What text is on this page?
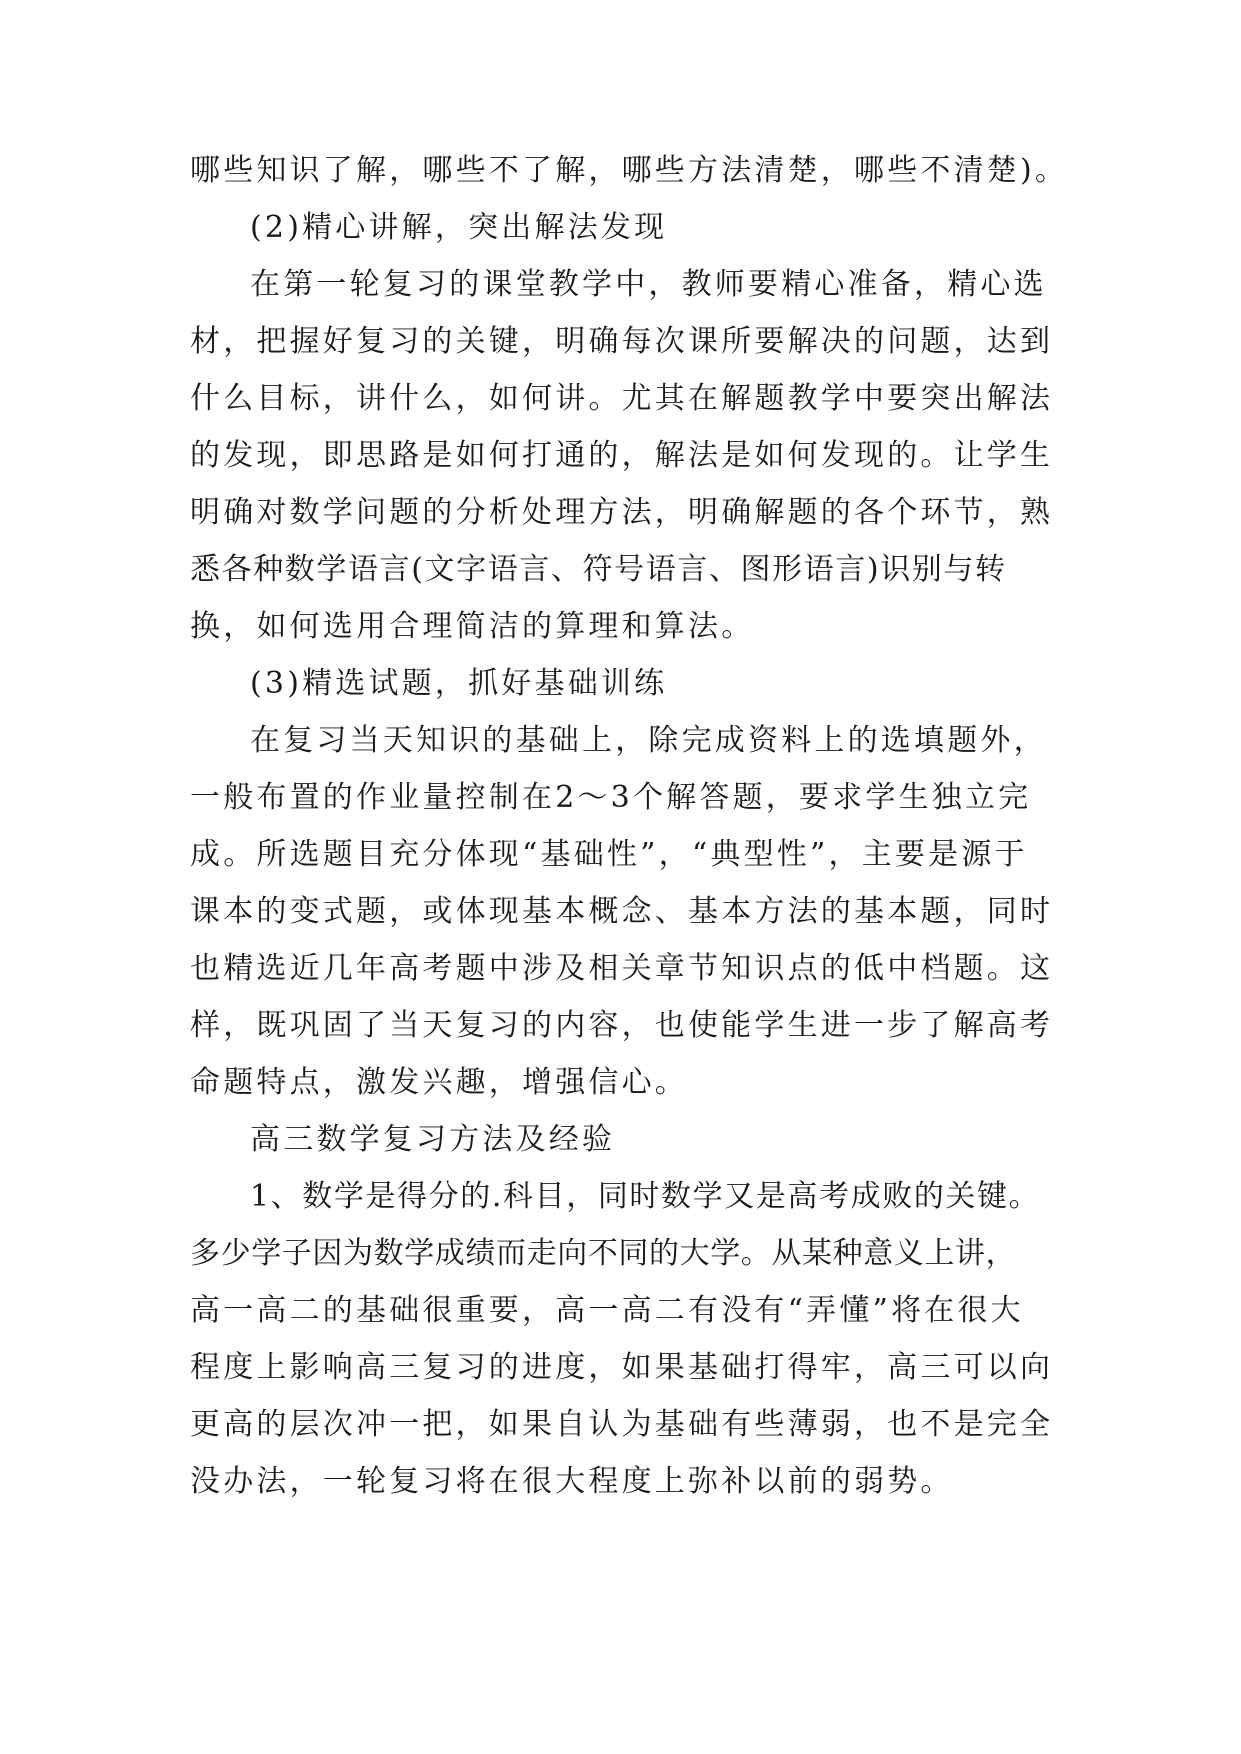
哪些知识了解，哪些不了解，哪些方法清楚，哪些不清楚)。
(2)精心讲解，突出解法发现
在第一轮复习的课堂教学中，教师要精心准备，精心选
材，把握好复习的关键，明确每次课所要解决的问题，达到
什么目标，讲什么，如何讲。尤其在解题教学中要突出解法
的发现，即思路是如何打通的，解法是如何发现的。让学生
明确对数学问题的分析处理方法，明确解题的各个环节，熟
悉各种数学语言(文字语言、符号语言、图形语言)识别与转
换，如何选用合理简洁的算理和算法。
(3)精选试题，抓好基础训练
在复习当天知识的基础上，除完成资料上的选填题外，
一般布置的作业量控制在2～3个解答题，要求学生独立完
成。所选题目充分体现“基础性”，“典型性”，主要是源于
课本的变式题，或体现基本概念、基本方法的基本题，同时
也精选近几年高考题中涉及相关章节知识点的低中档题。这
样，既巩固了当天复习的内容，也使能学生进一步了解高考
命题特点，激发兴趣，增强信心。
高三数学复习方法及经验
1、数学是得分的.科目，同时数学又是高考成败的关键。
多少学子因为数学成绩而走向不同的大学。从某种意义上讲，
高一高二的基础很重要，高一高二有没有“弄懂”将在很大
程度上影响高三复习的进度，如果基础打得牢，高三可以向
更高的层次冲一把，如果自认为基础有些薄弱，也不是完全
没办法，一轮复习将在很大程度上弥补以前的弱势。
